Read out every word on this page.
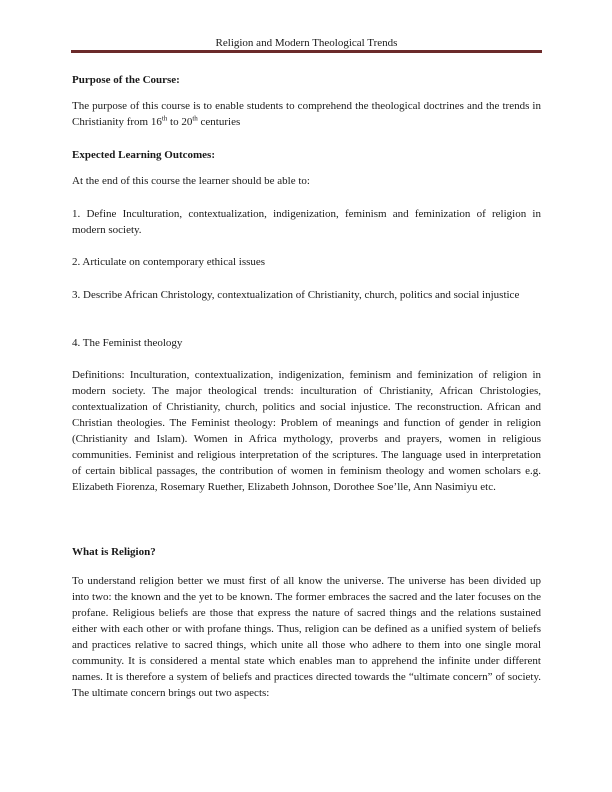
Religion and Modern Theological Trends
Purpose of the Course:
The purpose of this course is to enable students to comprehend the theological doctrines and the trends in Christianity from 16th to 20th centuries
Expected Learning Outcomes:
At the end of this course the learner should be able to:
1. Define Inculturation, contextualization, indigenization, feminism and feminization of religion in modern society.
2. Articulate on contemporary ethical issues
3. Describe African Christology, contextualization of Christianity, church, politics and social injustice
4. The Feminist theology
Definitions: Inculturation, contextualization, indigenization, feminism and feminization of religion in modern society. The major theological trends: inculturation of Christianity, African Christologies, contextualization of Christianity, church, politics and social injustice. The reconstruction. African and Christian theologies. The Feminist theology: Problem of meanings and function of gender in religion (Christianity and Islam). Women in Africa mythology, proverbs and prayers, women in religious communities. Feminist and religious interpretation of the scriptures. The language used in interpretation of certain biblical passages, the contribution of women in feminism theology and women scholars e.g. Elizabeth Fiorenza, Rosemary Ruether, Elizabeth Johnson, Dorothee Soe’lle, Ann Nasimiyu etc.
What is Religion?
To understand religion better we must first of all know the universe. The universe has been divided up into two: the known and the yet to be known. The former embraces the sacred and the later focuses on the profane. Religious beliefs are those that express the nature of sacred things and the relations sustained either with each other or with profane things. Thus, religion can be defined as a unified system of beliefs and practices relative to sacred things, which unite all those who adhere to them into one single moral community. It is considered a mental state which enables man to apprehend the infinite under different names. It is therefore a system of beliefs and practices directed towards the “ultimate concern” of society. The ultimate concern brings out two aspects:
